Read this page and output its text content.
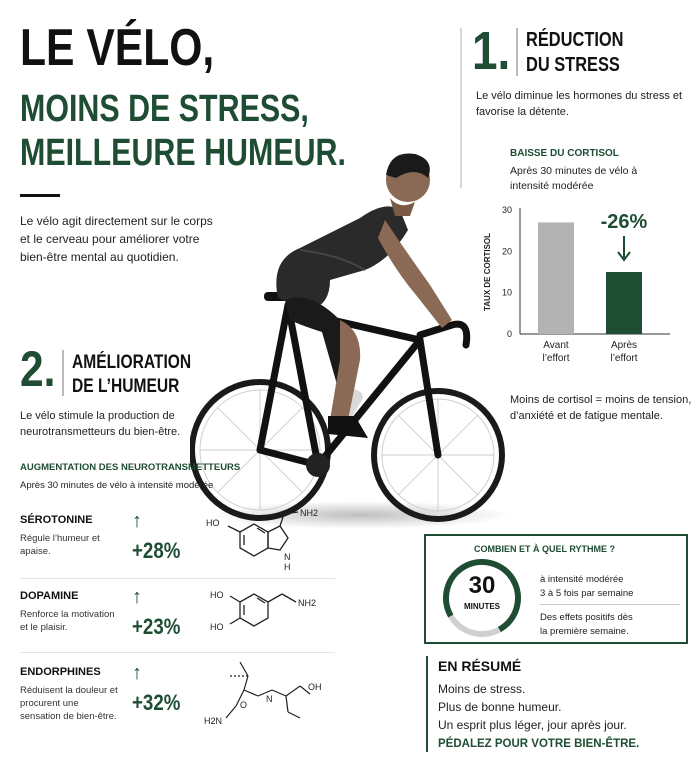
LE VÉLO,
MOINS DE STRESS,
MEILLEURE HUMEUR.
Le vélo agit directement sur le corps et le cerveau pour améliorer votre bien-être mental au quotidien.
1. RÉDUCTION
DU STRESS
Le vélo diminue les hormones du stress et favorise la détente.
BAISSE DU CORTISOL
Après 30 minutes de vélo à intensité modérée
TAUX DE CORTISOL
0
10
20
30
Avant
l’effort
Après
l’effort
-26%
Moins de cortisol = moins de tension, d’anxiété et de fatigue mentale.
2. AMÉLIORATION
DE L’HUMEUR
Le vélo stimule la production de neurotransmetteurs du bien-être.
AUGMENTATION DES NEUROTRANSMETTEURS
Après 30 minutes de vélo à intensité modérée
SÉROTONINE
Régule l’humeur et apaise.
↑
+28%
HO
NH2
N
H
DOPAMINE
Renforce la motivation et le plaisir.
↑
+23%
HO
HO
NH2
ENDORPHINES
Réduisent la douleur et procurent une sensation de bien-être.
↑
+32%
H2N
OH
N
O
COMBIEN ET À QUEL RYTHME ?
30
MINUTES
à intensité modérée
3 à 5 fois par semaine
Des effets positifs dès
la première semaine.
EN RÉSUMÉ
Moins de stress.
Plus de bonne humeur.
Un esprit plus léger, jour après jour.
PÉDALEZ POUR VOTRE BIEN-ÊTRE.
